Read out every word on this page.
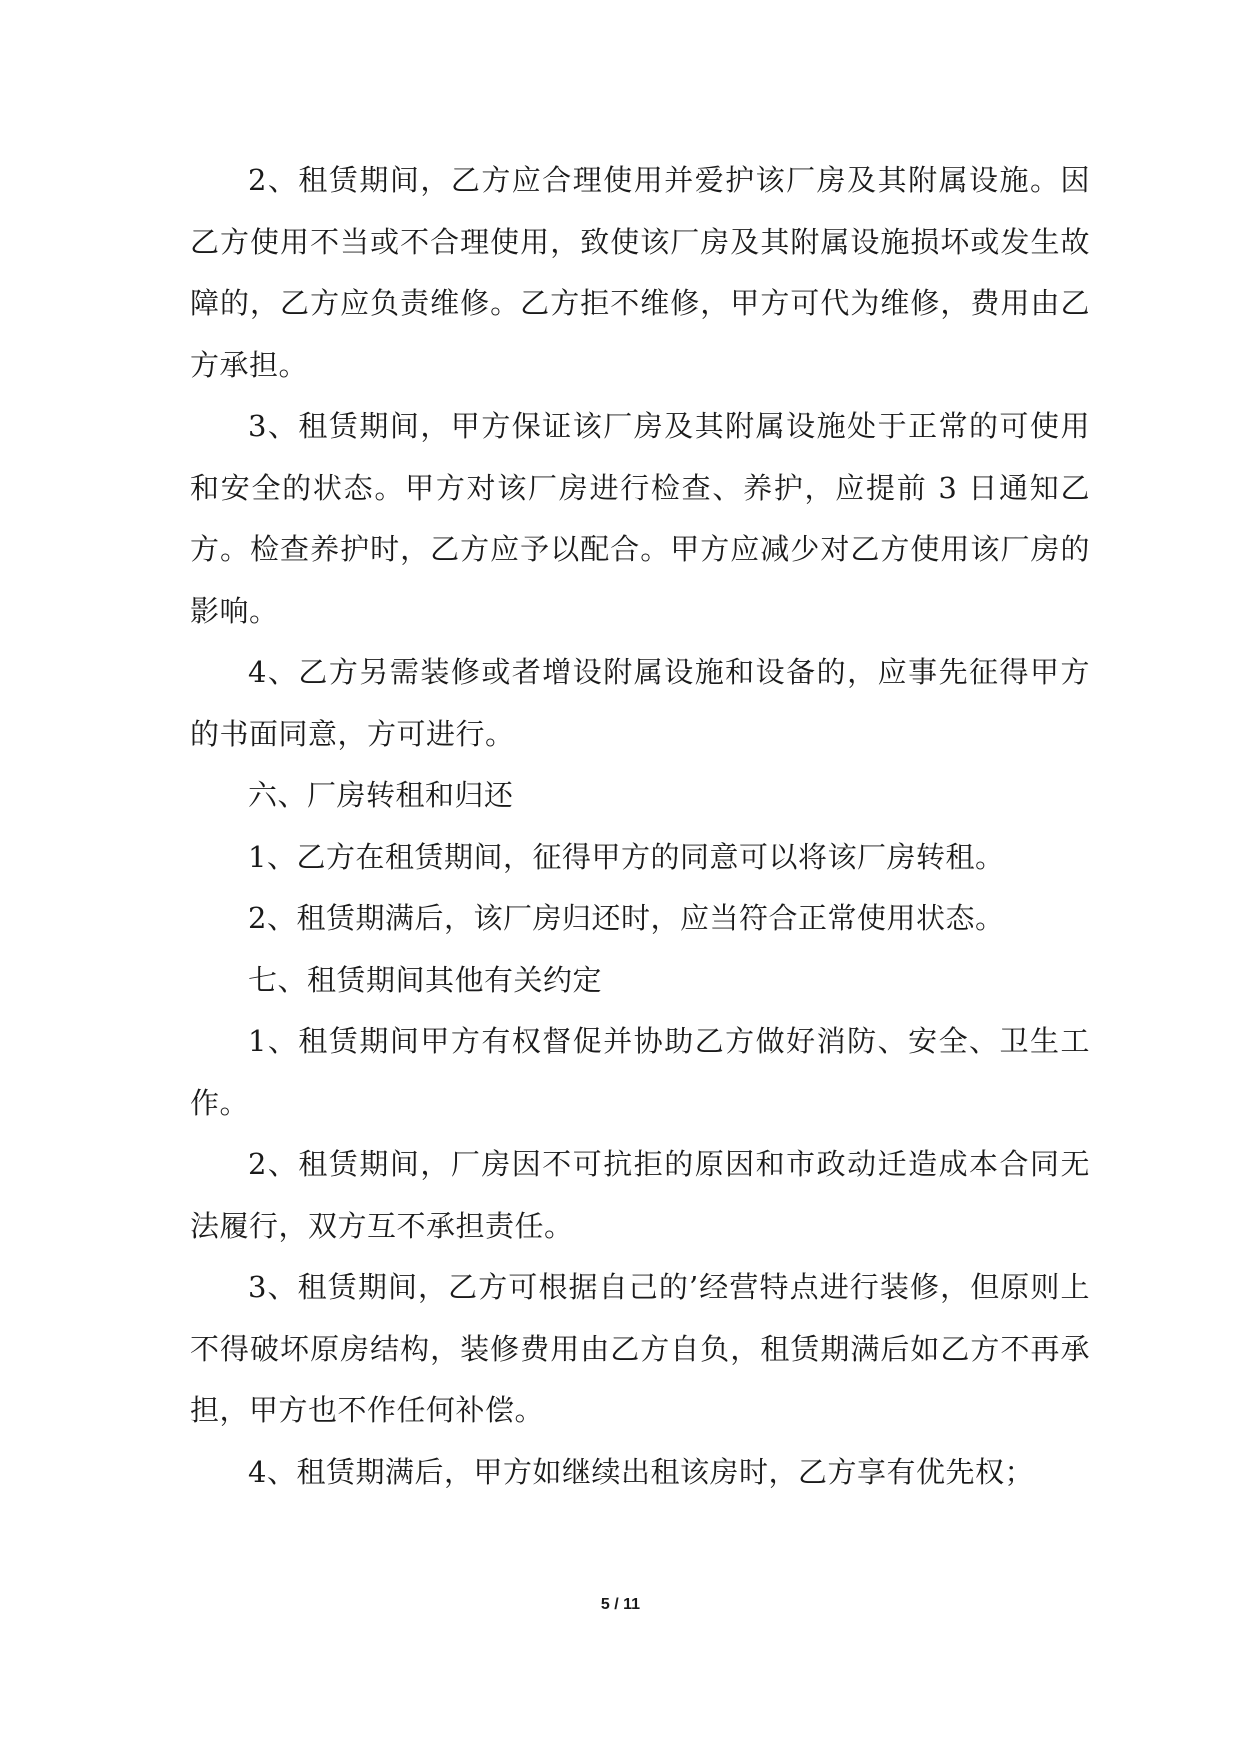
2、租赁期间，乙方应合理使用并爱护该厂房及其附属设施。因乙方使用不当或不合理使用，致使该厂房及其附属设施损坏或发生故障的，乙方应负责维修。乙方拒不维修，甲方可代为维修，费用由乙方承担。

3、租赁期间，甲方保证该厂房及其附属设施处于正常的可使用和安全的状态。甲方对该厂房进行检查、养护，应提前 3 日通知乙方。检查养护时，乙方应予以配合。甲方应减少对乙方使用该厂房的影响。

4、乙方另需装修或者增设附属设施和设备的，应事先征得甲方的书面同意，方可进行。

六、厂房转租和归还

1、乙方在租赁期间，征得甲方的同意可以将该厂房转租。

2、租赁期满后，该厂房归还时，应当符合正常使用状态。

七、租赁期间其他有关约定

1、租赁期间甲方有权督促并协助乙方做好消防、安全、卫生工作。

2、租赁期间，厂房因不可抗拒的原因和市政动迁造成本合同无法履行，双方互不承担责任。

3、租赁期间，乙方可根据自己的’经营特点进行装修，但原则上不得破坏原房结构，装修费用由乙方自负，租赁期满后如乙方不再承担，甲方也不作任何补偿。

4、租赁期满后，甲方如继续出租该房时，乙方享有优先权；

5 / 11
